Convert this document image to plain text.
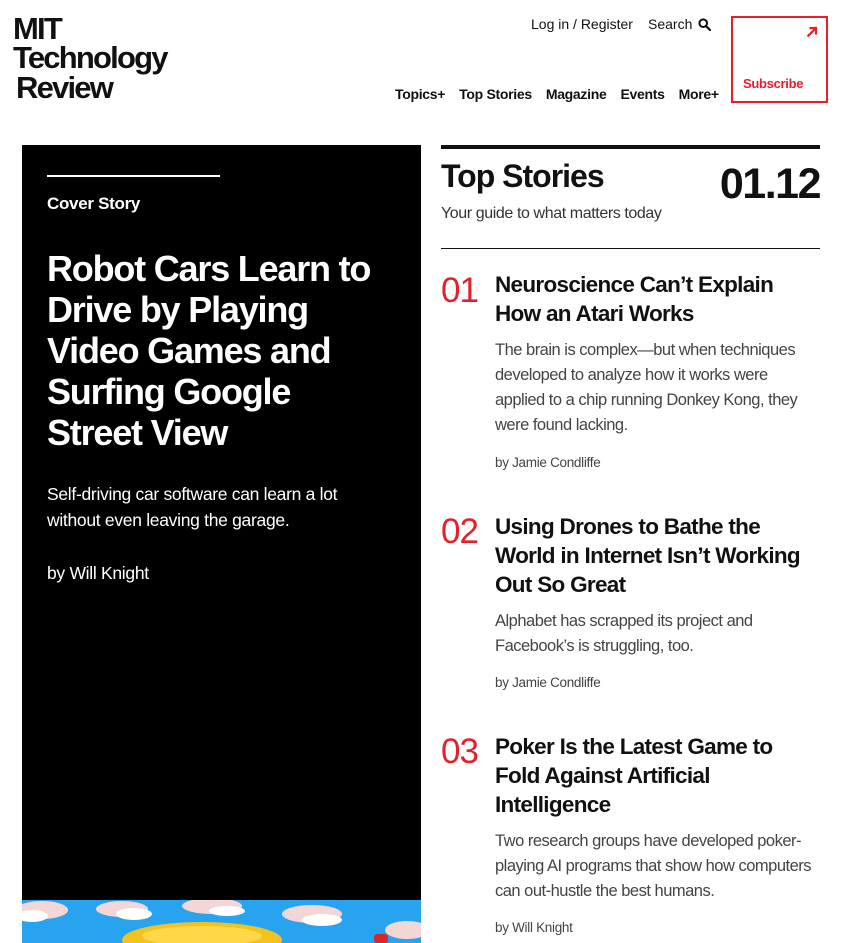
MIT
Technology
Review
Log in / Register Search
Topics+ Top Stories Magazine Events More+
Subscribe
Cover Story
Robot Cars Learn to Drive by Playing Video Games and Surfing Google Street View
Self-driving car software can learn a lot without even leaving the garage.
by Will Knight
Top Stories
Your guide to what matters today
01.12
01 Neuroscience Can’t Explain How an Atari Works
The brain is complex—but when techniques developed to analyze how it works were applied to a chip running Donkey Kong, they were found lacking.
by Jamie Condliffe
02 Using Drones to Bathe the World in Internet Isn’t Working Out So Great
Alphabet has scrapped its project and Facebook’s is struggling, too.
by Jamie Condliffe
03 Poker Is the Latest Game to Fold Against Artificial Intelligence
Two research groups have developed poker-playing AI programs that show how computers can out-hustle the best humans.
by Will Knight
